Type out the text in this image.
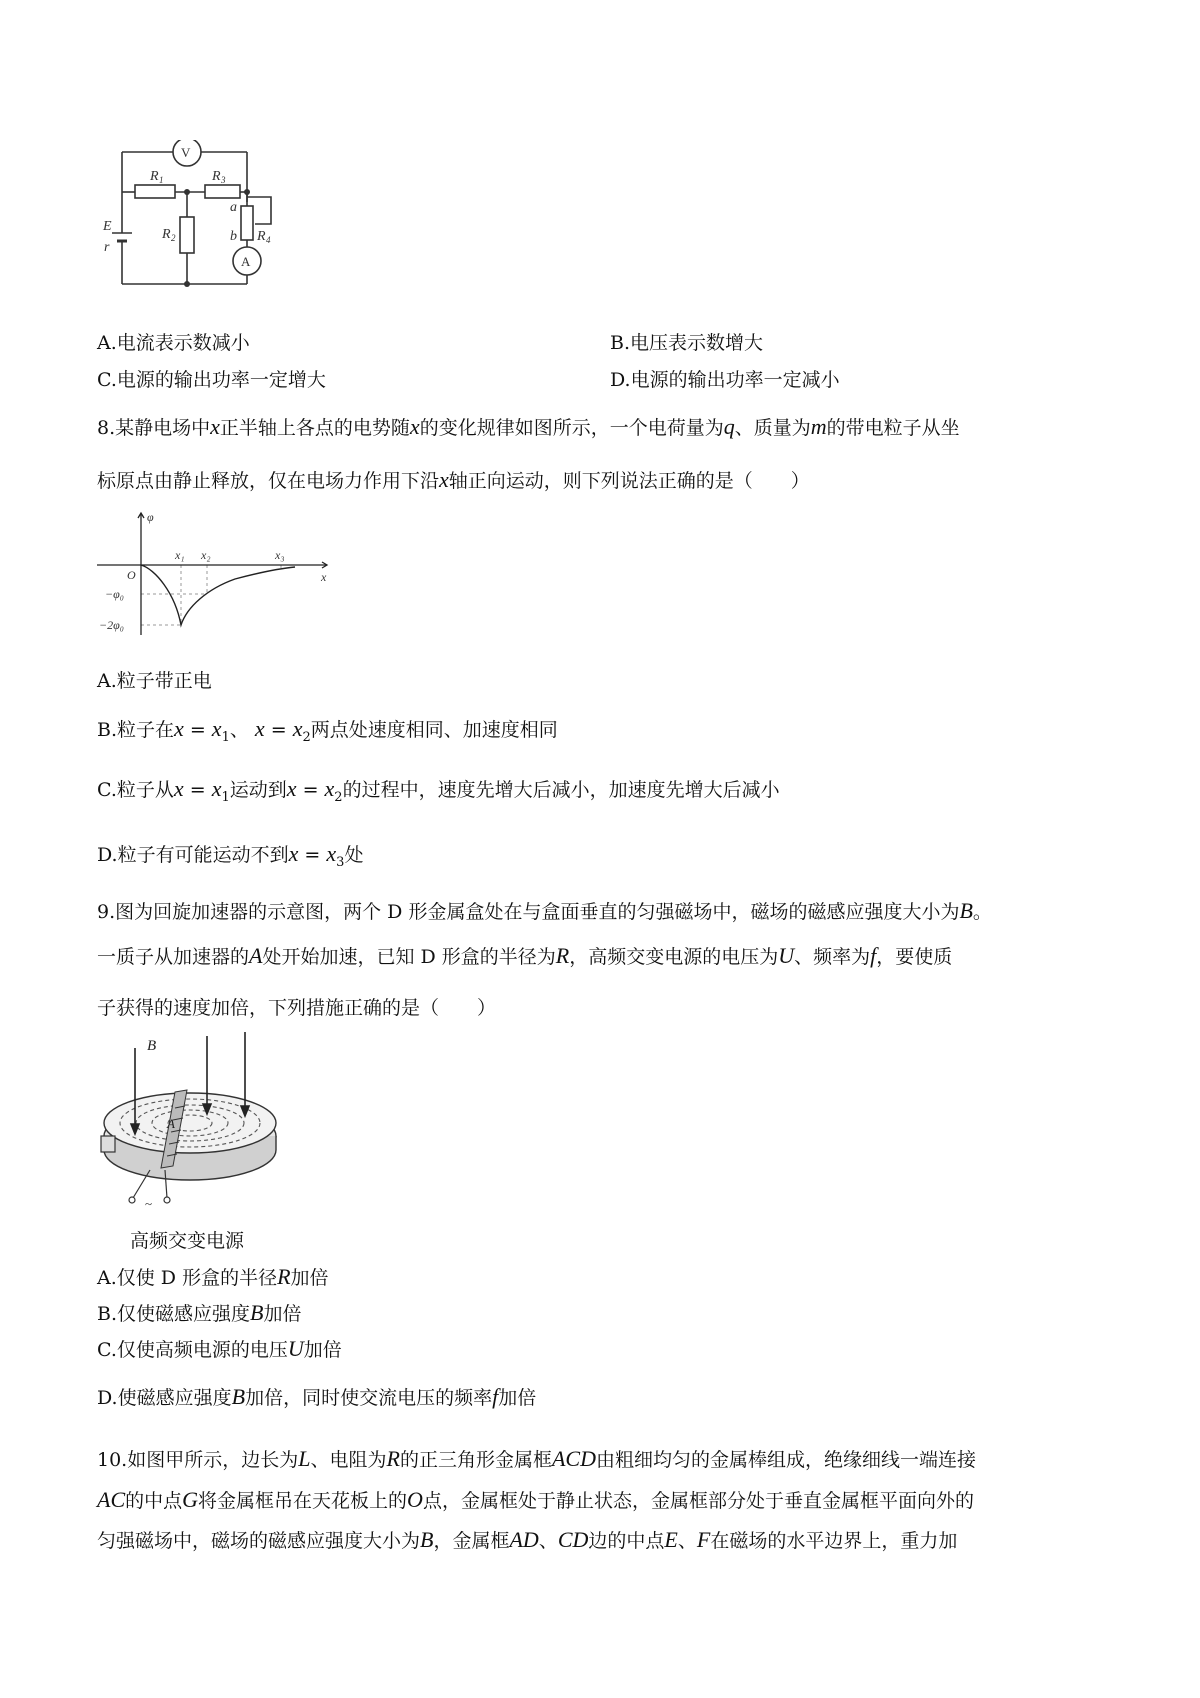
V
A
R 1
R 2
R 3
R 4
E
r
a
b
A.电流表示数减小	B.电压表示数增大
C.电源的输出功率一定增大	D.电源的输出功率一定减小
8.某静电场中x正半轴上各点的电势随x的变化规律如图所示，一个电荷量为q、质量为m的带电粒子从坐
标原点由静止释放，仅在电场力作用下沿x轴正向运动，则下列说法正确的是（　　）
φ
O	x
x₁ x₂	x₃
−φ₀
−2φ₀
A.粒子带正电
B.粒子在$x = x_1$、 $x = x_2$两点处速度相同、加速度相同
C.粒子从$x = x_1$运动到$x = x_2$的过程中，速度先增大后减小，加速度先增大后减小
D.粒子有可能运动不到$x = x_3$处
9.图为回旋加速器的示意图，两个 D 形金属盒处在与盒面垂直的匀强磁场中，磁场的磁感应强度大小为B。
一质子从加速器的A处开始加速，已知 D 形盒的半径为R，高频交变电源的电压为U、频率为f，要使质
子获得的速度加倍，下列措施正确的是（　　）
~
B
A
高频交变电源
A.仅使 D 形盒的半径R加倍
B.仅使磁感应强度B加倍
C.仅使高频电源的电压U加倍
D.使磁感应强度B加倍，同时使交流电压的频率f加倍
10.如图甲所示，边长为L、电阻为R的正三角形金属框ACD由粗细均匀的金属棒组成，绝缘细线一端连接
AC的中点G将金属框吊在天花板上的O点，金属框处于静止状态，金属框部分处于垂直金属框平面向外的
匀强磁场中，磁场的磁感应强度大小为B，金属框AD、CD边的中点E、F在磁场的水平边界上，重力加
